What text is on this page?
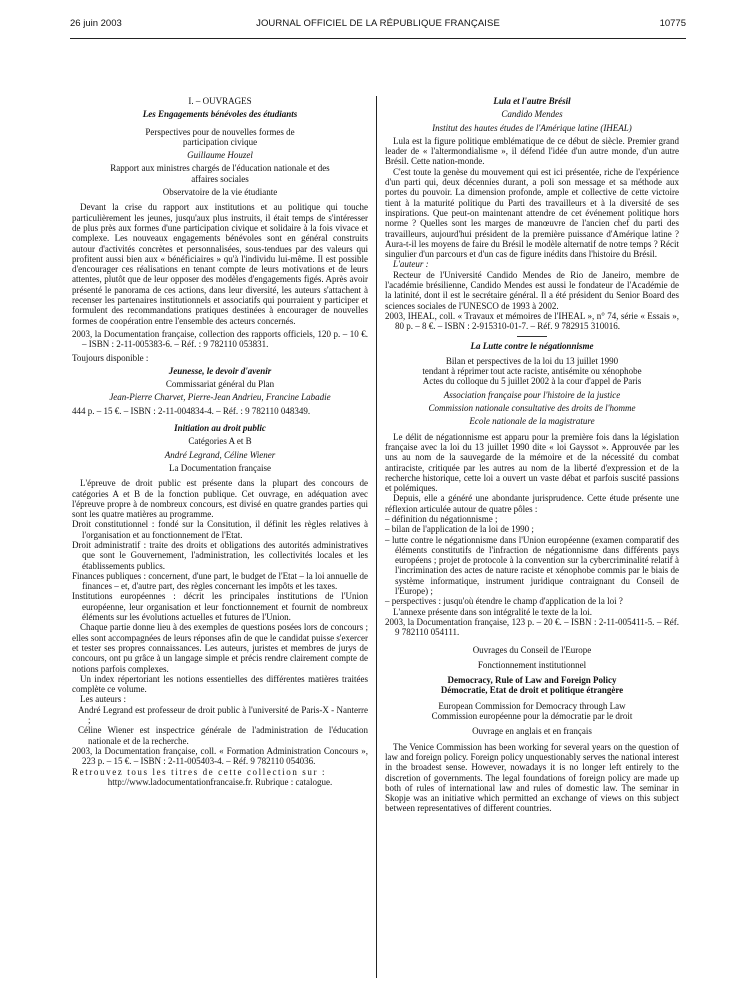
26 juin 2003	JOURNAL OFFICIEL DE LA RÉPUBLIQUE FRANÇAISE	10775

I. – OUVRAGES

Les Engagements bénévoles des étudiants

Perspectives pour de nouvelles formes de participation civique

Guillaume Houzel

Rapport aux ministres chargés de l'éducation nationale et des affaires sociales

Observatoire de la vie étudiante

Devant la crise du rapport aux institutions et au politique qui touche particulièrement les jeunes, jusqu'aux plus instruits, il était temps de s'intéresser de plus près aux formes d'une participation civique et solidaire à la fois vivace et complexe. Les nouveaux engagements bénévoles sont en général construits autour d'activités concrètes et personnalisées, sous-tendues par des valeurs qui profitent aussi bien aux « bénéficiaires » qu'à l'individu lui-même. Il est possible d'encourager ces réalisations en tenant compte de leurs motivations et de leurs attentes, plutôt que de leur opposer des modèles d'engagements figés. Après avoir présenté le panorama de ces actions, dans leur diversité, les auteurs s'attachent à recenser les partenaires institutionnels et associatifs qui pourraient y participer et formulent des recommandations pratiques destinées à encourager de nouvelles formes de coopération entre l'ensemble des acteurs concernés.

2003, la Documentation française, collection des rapports officiels, 120 p. – 10 €. – ISBN : 2-11-005383-6. – Réf. : 9 782110 053831.

Toujours disponible :

Jeunesse, le devoir d'avenir

Commissariat général du Plan

Jean-Pierre Charvet, Pierre-Jean Andrieu, Francine Labadie

444 p. – 15 €. – ISBN : 2-11-004834-4. – Réf. : 9 782110 048349.

Initiation au droit public

Catégories A et B

André Legrand, Céline Wiener

La Documentation française

L'épreuve de droit public est présente dans la plupart des concours de catégories A et B de la fonction publique. Cet ouvrage, en adéquation avec l'épreuve propre à de nombreux concours, est divisé en quatre grandes parties qui sont les quatre matières au programme.

Droit constitutionnel : fondé sur la Consitution, il définit les règles relatives à l'organisation et au fonctionnement de l'Etat.

Droit administratif : traite des droits et obligations des autorités administratives que sont le Gouvernement, l'administration, les collectivités locales et les établissements publics.

Finances publiques : concernent, d'une part, le budget de l'Etat – la loi annuelle de finances – et, d'autre part, des règles concernant les impôts et les taxes.

Institutions européennes : décrit les principales institutions de l'Union européenne, leur organisation et leur fonctionnement et fournit de nombreux éléments sur les évolutions actuelles et futures de l'Union.

Chaque partie donne lieu à des exemples de questions posées lors de concours ; elles sont accompagnées de leurs réponses afin de que le candidat puisse s'exercer et tester ses propres connaissances. Les auteurs, juristes et membres de jurys de concours, ont pu grâce à un langage simple et précis rendre clairement compte de notions parfois complexes.

Un index répertoriant les notions essentielles des différentes matières traitées complète ce volume.

Les auteurs :

André Legrand est professeur de droit public à l'université de Paris-X - Nanterre ;

Céline Wiener est inspectrice générale de l'administration de l'éducation nationale et de la recherche.

2003, la Documentation française, coll. « Formation Administration Concours », 223 p. – 15 €. – ISBN : 2-11-005403-4. – Réf. 9 782110 054036.

Retrouvez tous les titres de cette collection sur :

http://www.ladocumentationfrancaise.fr. Rubrique : catalogue.

Lula et l'autre Brésil

Candido Mendes

Institut des hautes études de l'Amérique latine (IHEAL)

Lula est la figure politique emblématique de ce début de siècle. Premier grand leader de « l'altermondialisme », il défend l'idée d'un autre monde, d'un autre Brésil. Cette nation-monde.

C'est toute la genèse du mouvement qui est ici présentée, riche de l'expérience d'un parti qui, deux décennies durant, a poli son message et sa méthode aux portes du pouvoir. La dimension profonde, ample et collective de cette victoire tient à la maturité politique du Parti des travailleurs et à la diversité de ses inspirations. Que peut-on maintenant attendre de cet événement politique hors norme ? Quelles sont les marges de manœuvre de l'ancien chef du parti des travailleurs, aujourd'hui président de la première puissance d'Amérique latine ? Aura-t-il les moyens de faire du Brésil le modèle alternatif de notre temps ? Récit singulier d'un parcours et d'un cas de figure inédits dans l'histoire du Brésil.

L'auteur :

Recteur de l'Université Candido Mendes de Rio de Janeiro, membre de l'académie brésilienne, Candido Mendes est aussi le fondateur de l'Académie de la latinité, dont il est le secrétaire général. Il a été président du Senior Board des sciences sociales de l'UNESCO de 1993 à 2002.

2003, IHEAL, coll. « Travaux et mémoires de l'IHEAL », n° 74, série « Essais », 80 p. – 8 €. – ISBN : 2-915310-01-7. – Réf. 9 782915 310016.

La Lutte contre le négationnisme

Bilan et perspectives de la loi du 13 juillet 1990

tendant à réprimer tout acte raciste, antisémite ou xénophobe

Actes du colloque du 5 juillet 2002 à la cour d'appel de Paris

Association française pour l'histoire de la justice

Commission nationale consultative des droits de l'homme

Ecole nationale de la magistrature

Le délit de négationnisme est apparu pour la première fois dans la législation française avec la loi du 13 juillet 1990 dite « loi Gayssot ». Approuvée par les uns au nom de la sauvegarde de la mémoire et de la nécessité du combat antiraciste, critiquée par les autres au nom de la liberté d'expression et de la recherche historique, cette loi a ouvert un vaste débat et parfois suscité passions et polémiques.

Depuis, elle a généré une abondante jurisprudence. Cette étude présente une réflexion articulée autour de quatre pôles :

– définition du négationnisme ;

– bilan de l'application de la loi de 1990 ;

– lutte contre le négationnisme dans l'Union européenne (examen comparatif des éléments constitutifs de l'infraction de négationnisme dans différents pays européens ; projet de protocole à la convention sur la cybercriminalité relatif à l'incrimination des actes de nature raciste et xénophobe commis par le biais de système informatique, instrument juridique contraignant du Conseil de l'Europe) ;

– perspectives : jusqu'où étendre le champ d'application de la loi ?

L'annexe présente dans son intégralité le texte de la loi.

2003, la Documentation française, 123 p. – 20 €. – ISBN : 2-11-005411-5. – Réf. 9 782110 054111.

Ouvrages du Conseil de l'Europe

Fonctionnement institutionnel

Democracy, Rule of Law and Foreign Policy

Démocratie, Etat de droit et politique étrangère

European Commission for Democracy through Law

Commission européenne pour la démocratie par le droit

Ouvrage en anglais et en français

The Venice Commission has been working for several years on the question of law and foreign policy. Foreign policy unquestionably serves the national interest in the broadest sense. However, nowadays it is no longer left entirely to the discretion of governments. The legal foundations of foreign policy are made up both of rules of international law and rules of domestic law. The seminar in Skopje was an initiative which permitted an exchange of views on this subject between representatives of different countries.
